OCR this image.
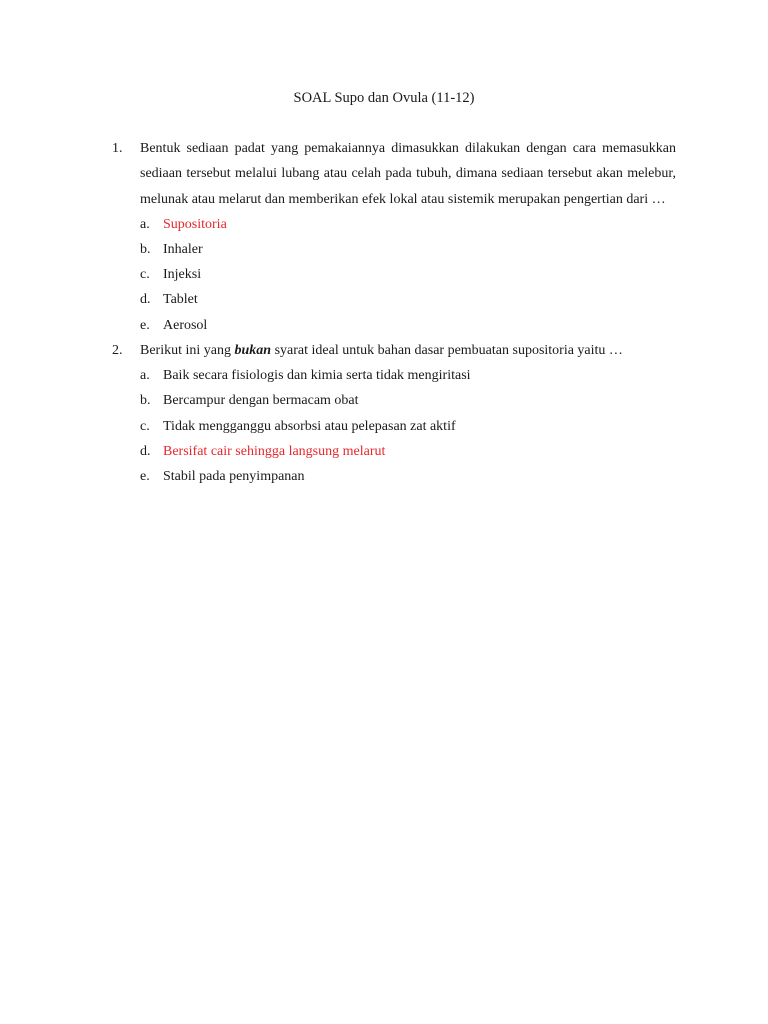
SOAL Supo dan Ovula (11-12)
1.	Bentuk sediaan padat yang pemakaiannya dimasukkan dilakukan dengan cara memasukkan sediaan tersebut melalui lubang atau celah pada tubuh, dimana sediaan tersebut akan melebur, melunak atau melarut dan memberikan efek lokal atau sistemik merupakan pengertian dari …
a. Supositoria
b. Inhaler
c. Injeksi
d. Tablet
e. Aerosol
2.	Berikut ini yang bukan syarat ideal untuk bahan dasar pembuatan supositoria yaitu …
a. Baik secara fisiologis dan kimia serta tidak mengiritasi
b. Bercampur dengan bermacam obat
c. Tidak mengganggu absorbsi atau pelepasan zat aktif
d. Bersifat cair sehingga langsung melarut
e. Stabil pada penyimpanan
